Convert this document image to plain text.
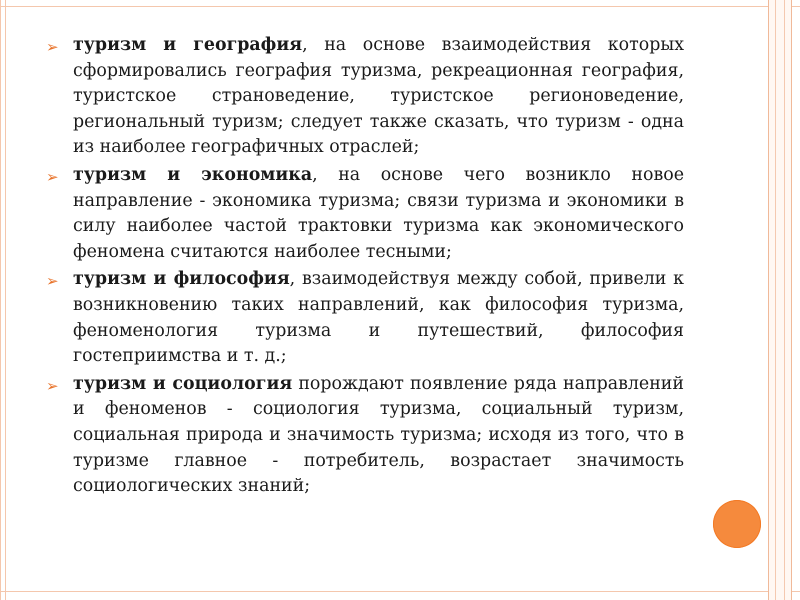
➢ туризм и география, на основе взаимодействия которых сформировались география туризма, рекреационная география, туристское страноведение, туристское регионоведение, региональный туризм; следует также сказать, что туризм - одна из наиболее географичных отраслей;
➢ туризм и экономика, на основе чего возникло новое направление - экономика туризма; связи туризма и экономики в силу наиболее частой трактовки туризма как экономического феномена считаются наиболее тесными;
➢ туризм и философия, взаимодействуя между собой, привели к возникновению таких направлений, как философия туризма, феноменология туризма и путешествий, философия гостеприимства и т. д.;
➢ туризм и социология порождают появление ряда направлений и феноменов - социология туризма, социальный туризм, социальная природа и значимость туризма; исходя из того, что в туризме главное - потребитель, возрастает значимость социологических знаний;
